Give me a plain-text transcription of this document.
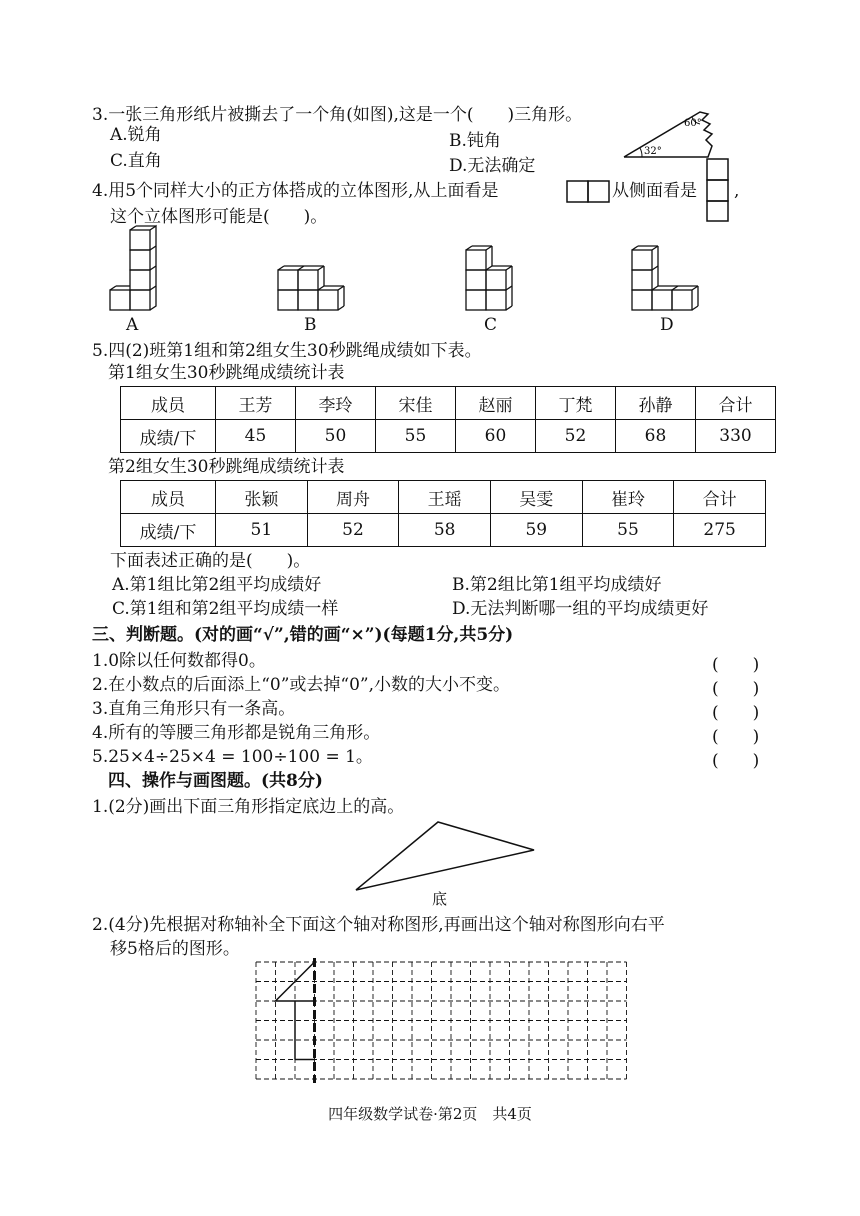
3.一张三角形纸片被撕去了一个角(如图),这是一个(　　)三角形。
A.锐角	B.钝角
C.直角	D.无法确定
32°
60°
4.用5个同样大小的正方体搭成的立体图形,从上面看是	从侧面看是 ,
这个立体图形可能是(　　)。
A	B	C	D
5.四(2)班第1组和第2组女生30秒跳绳成绩如下表。
第1组女生30秒跳绳成绩统计表
成员	王芳	李玲	宋佳	赵丽	丁梵	孙静	合计
成绩/下	45	50	55	60	52	68	330
第2组女生30秒跳绳成绩统计表
成员	张颖	周舟	王瑶	吴雯	崔玲	合计
成绩/下	51	52	58	59	55	275
下面表述正确的是(　　)。
A.第1组比第2组平均成绩好	B.第2组比第1组平均成绩好
C.第1组和第2组平均成绩一样	D.无法判断哪一组的平均成绩更好
三、判断题。(对的画“√”,错的画“×”)(每题1分,共5分)
1.0除以任何数都得0。
2.在小数点的后面添上“0”或去掉“0”,小数的大小不变。
3.直角三角形只有一条高。
4.所有的等腰三角形都是锐角三角形。
5.25×4÷25×4 = 100÷100 = 1。
(　　)
(　　)
(　　)
(　　)
(　　)
四、操作与画图题。(共8分)
1.(2分)画出下面三角形指定底边上的高。
底
2.(4分)先根据对称轴补全下面这个轴对称图形,再画出这个轴对称图形向右平
移5格后的图形。
四年级数学试卷·第2页　共4页
